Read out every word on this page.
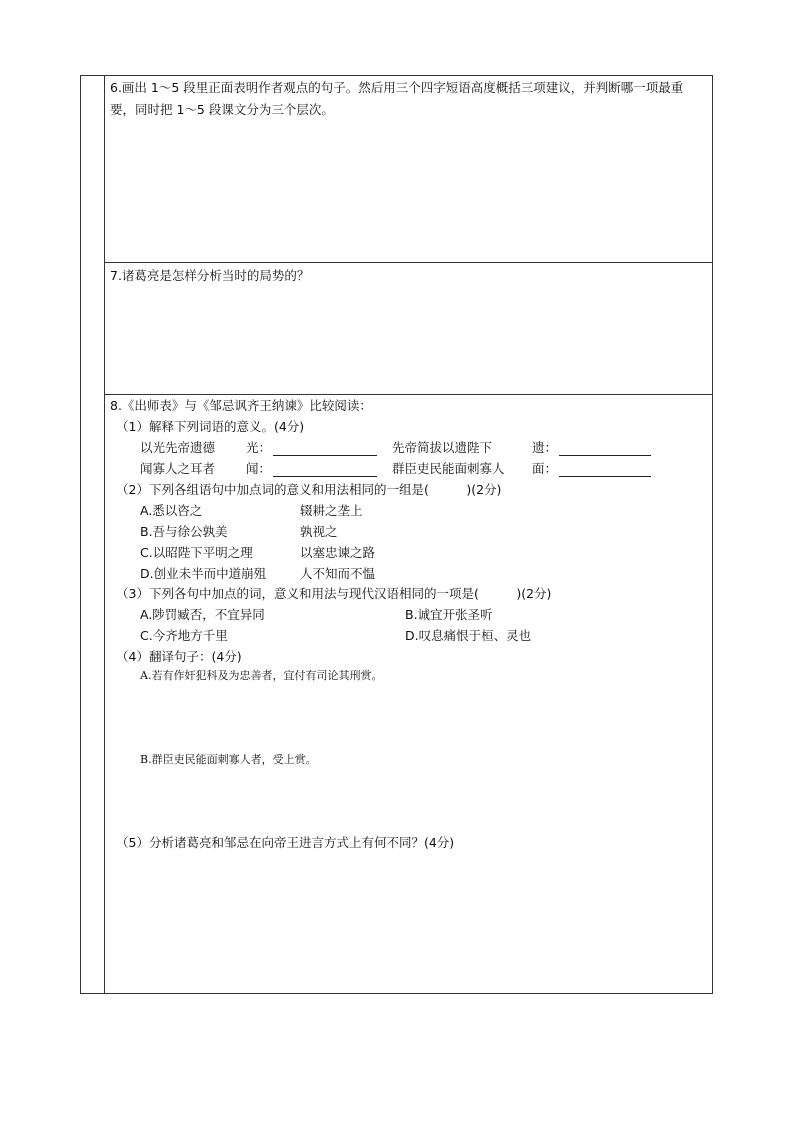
6.画出 1～5 段里正面表明作者观点的句子。然后用三个四字短语高度概括三项建议，并判断哪一项最重要，同时把 1～5 段课文分为三个层次。
7.诸葛亮是怎样分析当时的局势的？
8.《出师表》与《邹忌讽齐王纳谏》比较阅读：
（1）解释下列词语的意义。(4分)
以光先帝遗德 光：	先帝简拔以遗陛下	遗：
闻寡人之耳者 闻：	群臣吏民能面刺寡人 面：
（2）下列各组语句中加点词的意义和用法相同的一组是(　　　)(2分)
A.悉以咨之	辍耕之垄上
B.吾与徐公孰美	孰视之
C.以昭陛下平明之理	以塞忠谏之路
D.创业未半而中道崩殂	人不知而不愠
（3）下列各句中加点的词，意义和用法与现代汉语相同的一项是(　　　)(2分)
A.陟罚臧否，不宜异同	B.诚宜开张圣听
C.今齐地方千里	D.叹息痛恨于桓、灵也
（4）翻译句子：(4分)
A.若有作奸犯科及为忠善者，宜付有司论其刑赏。
B.群臣吏民能面刺寡人者，受上赏。
（5）分析诸葛亮和邹忌在向帝王进言方式上有何不同？(4分)
